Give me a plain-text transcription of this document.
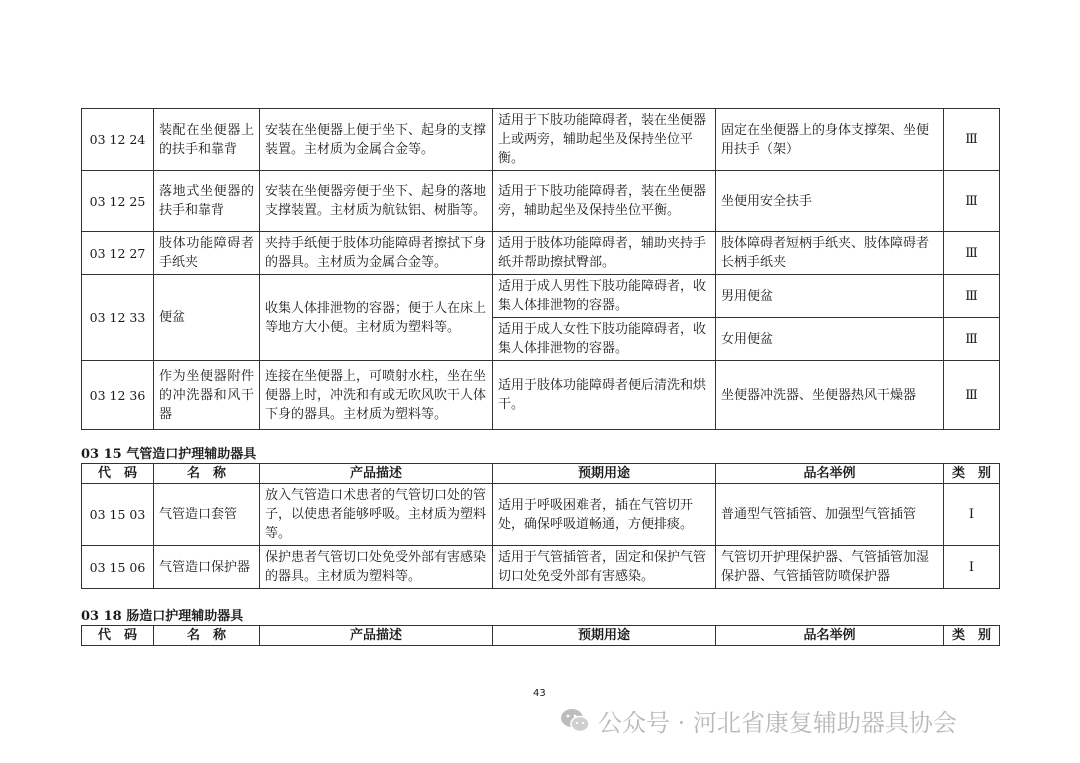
03 12 24	装配在坐便器上的扶手和靠背	安装在坐便器上便于坐下、起身的支撑装置。主材质为金属合金等。	适用于下肢功能障碍者，装在坐便器上或两旁，辅助起坐及保持坐位平衡。	固定在坐便器上的身体支撑架、坐便用扶手（架）	Ⅲ
03 12 25	落地式坐便器的扶手和靠背	安装在坐便器旁便于坐下、起身的落地支撑装置。主材质为航钛铝、树脂等。	适用于下肢功能障碍者，装在坐便器旁，辅助起坐及保持坐位平衡。	坐便用安全扶手	Ⅲ
03 12 27	肢体功能障碍者手纸夹	夹持手纸便于肢体功能障碍者擦拭下身的器具。主材质为金属合金等。	适用于肢体功能障碍者，辅助夹持手纸并帮助擦拭臀部。	肢体障碍者短柄手纸夹、肢体障碍者长柄手纸夹	Ⅲ
03 12 33	便盆	收集人体排泄物的容器；便于人在床上等地方大小便。主材质为塑料等。	适用于成人男性下肢功能障碍者，收集人体排泄物的容器。	男用便盆	Ⅲ
			适用于成人女性下肢功能障碍者，收集人体排泄物的容器。	女用便盆	Ⅲ
03 12 36	作为坐便器附件的冲洗器和风干器	连接在坐便器上，可喷射水柱，坐在坐便器上时，冲洗和有或无吹风吹干人体下身的器具。主材质为塑料等。	适用于肢体功能障碍者便后清洗和烘干。	坐便器冲洗器、坐便器热风干燥器	Ⅲ
03 15 气管造口护理辅助器具
代　码	名　称	产品描述	预期用途	品名举例	类　别
03 15 03	气管造口套管	放入气管造口术患者的气管切口处的管子，以使患者能够呼吸。主材质为塑料等。	适用于呼吸困难者，插在气管切开处，确保呼吸道畅通，方便排痰。	普通型气管插管、加强型气管插管	Ⅰ
03 15 06	气管造口保护器	保护患者气管切口处免受外部有害感染的器具。主材质为塑料等。	适用于气管插管者，固定和保护气管切口处免受外部有害感染。	气管切开护理保护器、气管插管加湿保护器、气管插管防喷保护器	Ⅰ
03 18 肠造口护理辅助器具
代　码	名　称	产品描述	预期用途	品名举例	类　别
43
公众号 · 河北省康复辅助器具协会
